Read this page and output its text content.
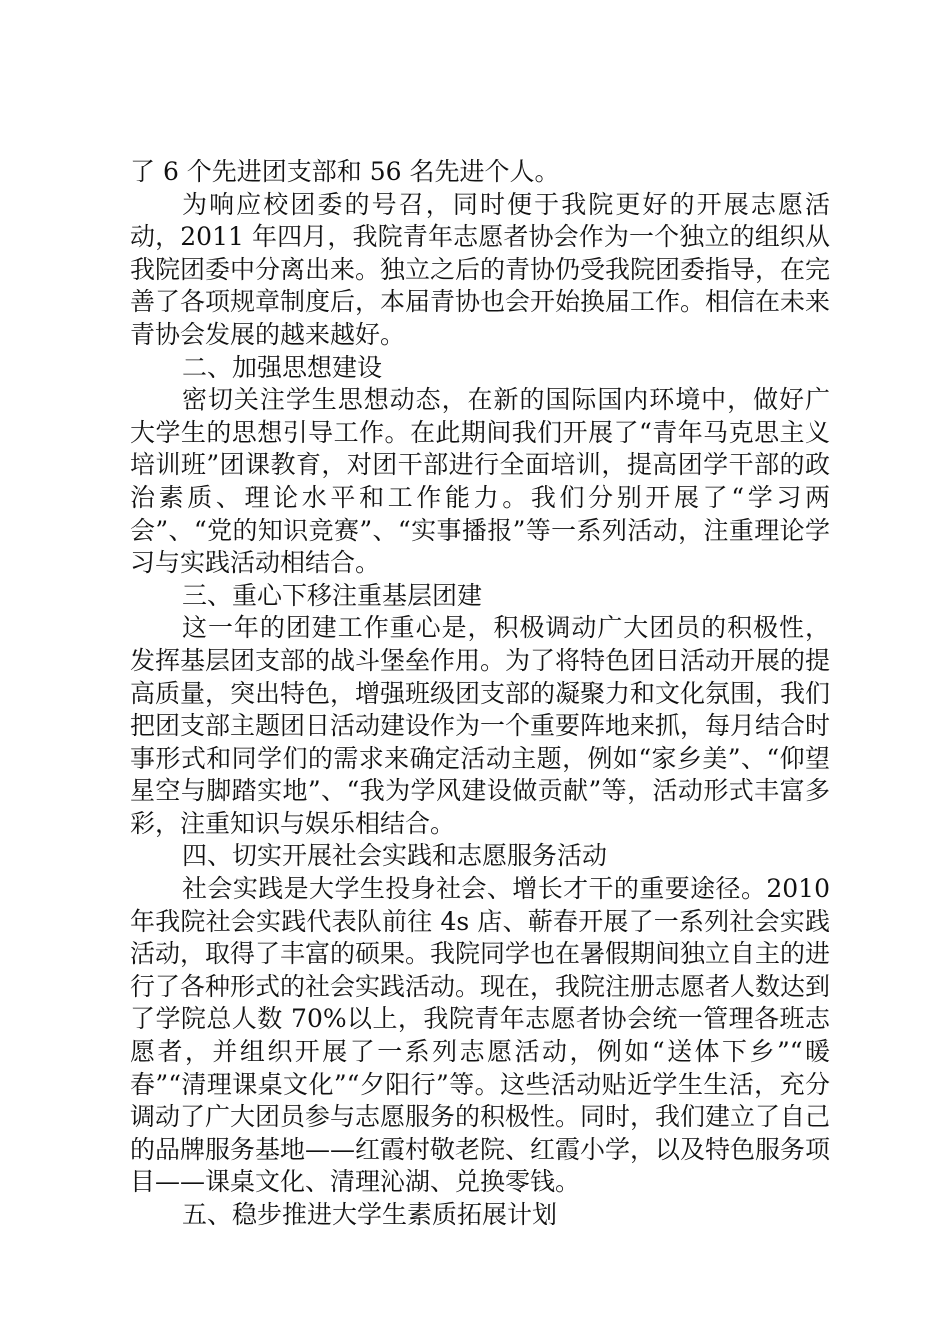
了 6 个先进团支部和 56 名先进个人。

为响应校团委的号召，同时便于我院更好的开展志愿活动，2011 年四月，我院青年志愿者协会作为一个独立的组织从我院团委中分离出来。独立之后的青协仍受我院团委指导，在完善了各项规章制度后，本届青协也会开始换届工作。相信在未来青协会发展的越来越好。

二、加强思想建设

密切关注学生思想动态，在新的国际国内环境中，做好广大学生的思想引导工作。在此期间我们开展了“青年马克思主义培训班”团课教育，对团干部进行全面培训，提高团学干部的政治素质、理论水平和工作能力。我们分别开展了“学习两会”、“党的知识竞赛”、“实事播报”等一系列活动，注重理论学习与实践活动相结合。

三、重心下移注重基层团建

这一年的团建工作重心是，积极调动广大团员的积极性，发挥基层团支部的战斗堡垒作用。为了将特色团日活动开展的提高质量，突出特色，增强班级团支部的凝聚力和文化氛围，我们把团支部主题团日活动建设作为一个重要阵地来抓，每月结合时事形式和同学们的需求来确定活动主题，例如“家乡美”、“仰望星空与脚踏实地”、“我为学风建设做贡献”等，活动形式丰富多彩，注重知识与娱乐相结合。

四、切实开展社会实践和志愿服务活动

社会实践是大学生投身社会、增长才干的重要途径。2010 年我院社会实践代表队前往 4s 店、蕲春开展了一系列社会实践活动，取得了丰富的硕果。我院同学也在暑假期间独立自主的进行了各种形式的社会实践活动。现在，我院注册志愿者人数达到了学院总人数 70%以上，我院青年志愿者协会统一管理各班志愿者，并组织开展了一系列志愿活动，例如“送体下乡”“暖春”“清理课桌文化”“夕阳行”等。这些活动贴近学生生活，充分调动了广大团员参与志愿服务的积极性。同时，我们建立了自己的品牌服务基地——红霞村敬老院、红霞小学，以及特色服务项目——课桌文化、清理沁湖、兑换零钱。

五、稳步推进大学生素质拓展计划
